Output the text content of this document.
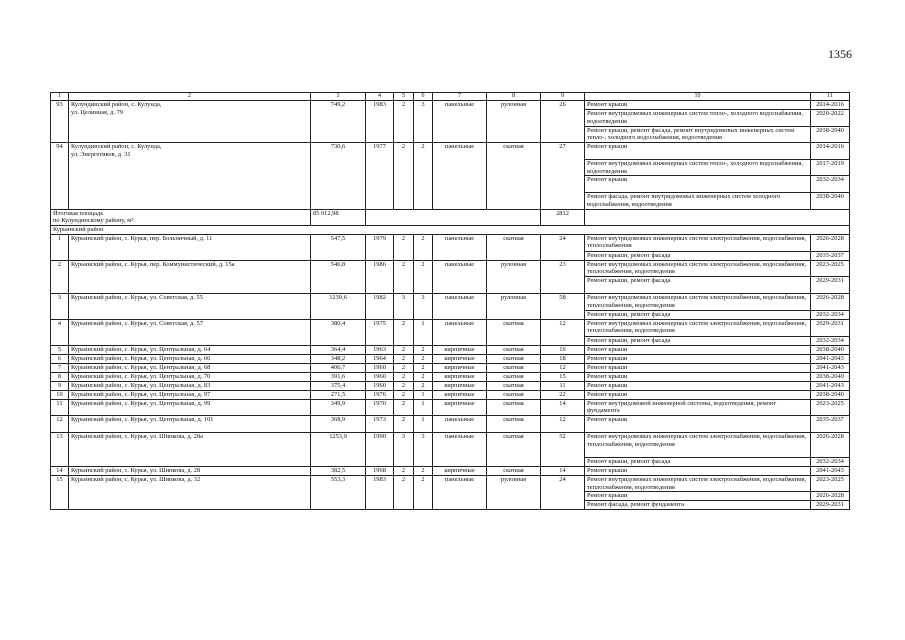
1356
1	2	3	4	5	6	7	8	9	10	11
93	Кулундинский район, с. Кулунда,
ул. Целинная, д. 79	749,2	1983	2	3	панельные	рулонная	26	Ремонт крыши	2014-2016
									Ремонт внутридомовых инженерных систем тепло-, холодного водоснабжения, водоотведения	2020-2022
									Ремонт крыши, ремонт фасада, ремонт внутридомовых инженерных систем тепло-, холодного водоснабжения, водоотведения	2038-2040
94	Кулундинский район, с. Кулунда,
ул. Энергетиков, д. 31	730,6	1977	2	2	панельные	скатная	27	Ремонт крыши	2014-2016
									Ремонт внутридомовых инженерных систем тепло-, холодного водоснабжения, водоотведения	2017-2019
									Ремонт крыши	2032-2034
									Ремонт фасада, ремонт внутридомовых инженерных систем холодного водоснабжения, водоотведения	2038-2040
Итоговая площадь
по Кулундинскому району, м²:		85 012,98						2812		
Курьинский район										
1	Курьинский район, с. Курья, пер. Больничный, д. 11	547,5	1979	2	2	панельные	скатная	24	Ремонт внутридомовых инженерных систем электроснабжения, водоснабжения, теплоснабжения	2026-2028
									Ремонт крыши, ремонт фасада	2035-2037
2	Курьинский район, с. Курья, пер. Коммунистический, д. 15а	546,8	1986	2	2	панельные	рулонная	23	Ремонт внутридомовых инженерных систем электроснабжения, водоснабжения, теплоснабжения, водоотведения	2023-2025
									Ремонт крыши, ремонт фасада	2029-2031
3	Курьинский район, с. Курья, ул. Советская, д. 55	1239,6	1982	3	3	панельные	рулонная	58	Ремонт внутридомовых инженерных систем электроснабжения, водоснабжения, теплоснабжения, водоотведения	2026-2028
									Ремонт крыши, ремонт фасада	2032-2034
4	Курьинский район, с. Курья, ул. Советская, д. 57	380,4	1975	2	1	панельные	скатная	12	Ремонт внутридомовых инженерных систем электроснабжения, водоснабжения, теплоснабжения, водоотведения	2029-2031
									Ремонт крыши, ремонт фасада	2032-2034
5	Курьинский район, с. Курья, ул. Центральная, д. 64	364,4	1963	2	2	кирпичные	скатная	16	Ремонт крыши	2038-2040
6	Курьинский район, с. Курья, ул. Центральная, д. 66	348,2	1964	2	2	кирпичные	скатная	18	Ремонт крыши	2041-2043
7	Курьинский район, с. Курья, ул. Центральная, д. 68	406,7	1960	2	2	кирпичные	скатная	12	Ремонт крыши	2041-2043
8	Курьинский район, с. Курья, ул. Центральная, д. 70	391,6	1960	2	2	кирпичные	скатная	15	Ремонт крыши	2038-2040
9	Курьинский район, с. Курья, ул. Центральная, д. 83	375,4	1960	2	2	кирпичные	скатная	11	Ремонт крыши	2041-2043
10	Курьинский район, с. Курья, ул. Центральная, д. 97	271,5	1976	2	1	кирпичные	скатная	22	Ремонт крыши	2038-2040
11	Курьинский район, с. Курья, ул. Центральная, д. 99	349,9	1970	2	1	кирпичные	скатная	14	Ремонт внутридомовой инженерной системы, водоотведения, ремонт фундамента	2023-2025
12	Курьинский район, с. Курья, ул. Центральная, д. 101	368,9	1973	2	1	панельные	скатная	12	Ремонт крыши	2035-2037
13	Курьинский район, с. Курья, ул. Шипкова, д. 28а	1253,9	1990	3	3	панельные	скатная	52	Ремонт внутридомовых инженерных систем электроснабжения, водоснабжения, теплоснабжения, водоотведения	2026-2028
									Ремонт крыши, ремонт фасада	2032-2034
14	Курьинский район, с. Курья, ул. Шипкова, д. 28	382,5	1968	2	2	кирпичные	скатная	14	Ремонт крыши	2041-2043
15	Курьинский район, с. Курья, ул. Шипкова, д. 32	553,3	1983	2	2	панельные	рулонная	24	Ремонт внутридомовых инженерных систем электроснабжения, водоснабжения, теплоснабжения, водоотведения	2023-2025
									Ремонт крыши	2026-2028
									Ремонт фасада, ремонт фундамента	2029-2031
